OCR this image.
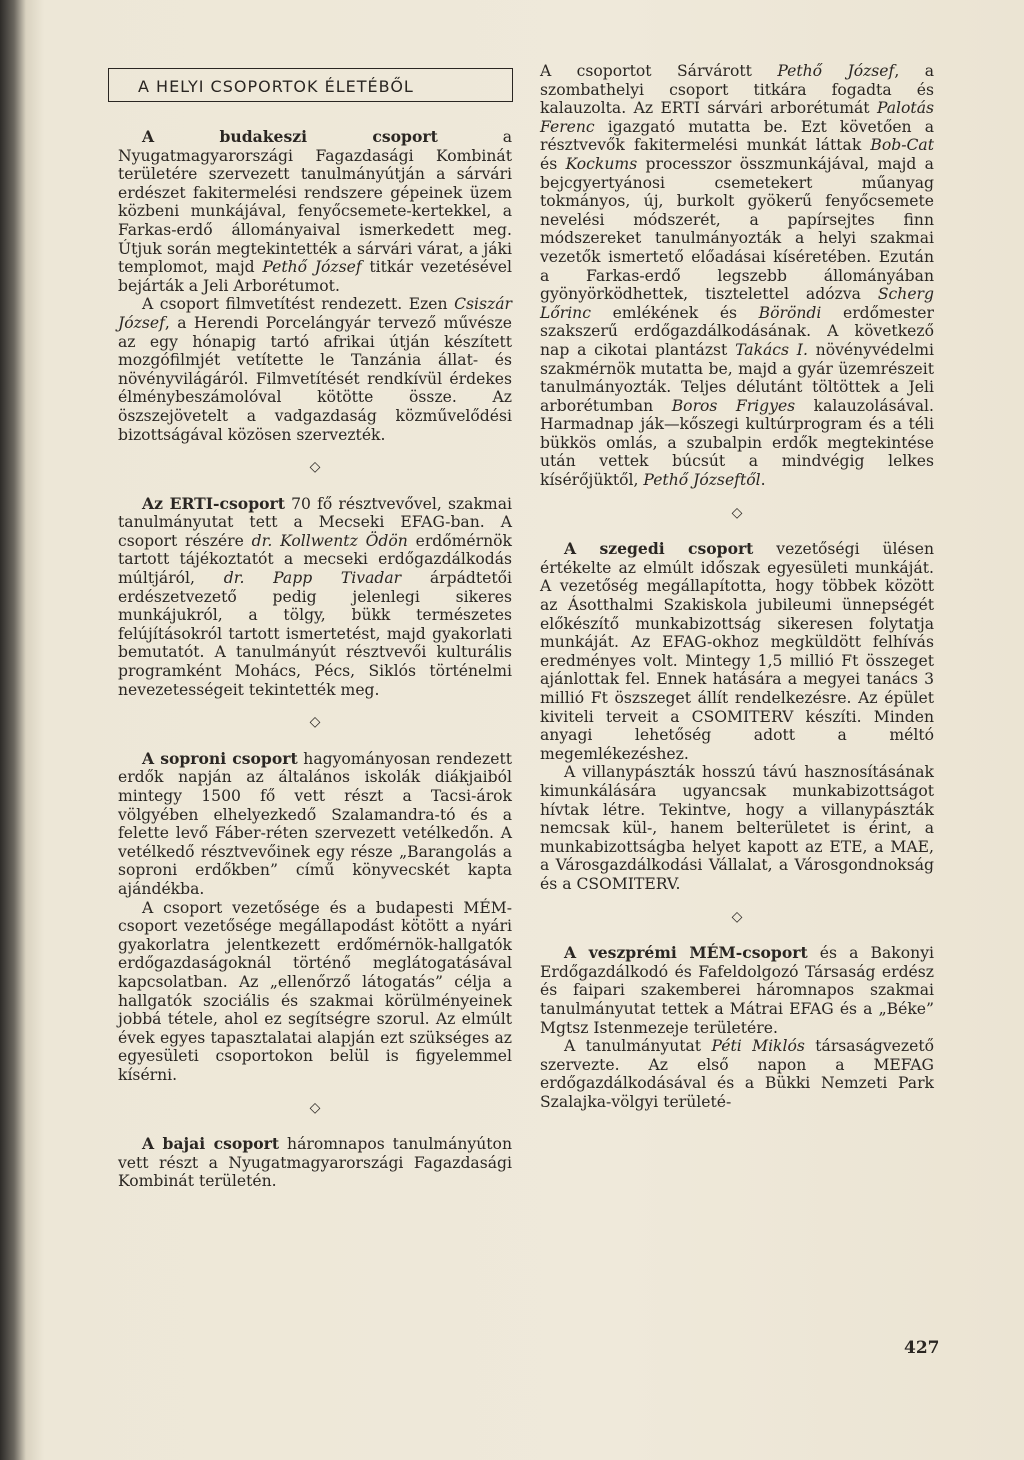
A HELYI CSOPORTOK ÉLETÉBŐL

A budakeszi csoport a Nyugatmagyarországi Fagazdasági Kombinát területére szervezett tanulmányútján a sárvári erdészet fakitermelési rendszere gépeinek üzem közbeni munkájával, fenyőcsemete-kertekkel, a Farkas-erdő állományaival ismerkedett meg. Útjuk során megtekintették a sárvári várat, a jáki templomot, majd Pethő József titkár vezetésével bejárták a Jeli Arborétumot.

A csoport filmvetítést rendezett. Ezen Csiszár József, a Herendi Porcelángyár tervező művésze az egy hónapig tartó afrikai útján készített mozgófilmjét vetítette le Tanzánia állat- és növényvilágáról. Filmvetítését rendkívül érdekes élménybeszámolóval kötötte össze. Az öszszejövetelt a vadgazdaság közművelődési bizottságával közösen szervezték.

◇

Az ERTI-csoport 70 fő résztvevővel, szakmai tanulmányutat tett a Mecseki EFAG-ban. A csoport részére dr. Kollwentz Ödön erdőmérnök tartott tájékoztatót a mecseki erdőgazdálkodás múltjáról, dr. Papp Tivadar árpádtetői erdészetvezető pedig jelenlegi sikeres munkájukról, a tölgy, bükk természetes felújításokról tartott ismertetést, majd gyakorlati bemutatót. A tanulmányút résztvevői kulturális programként Mohács, Pécs, Siklós történelmi nevezetességeit tekintették meg.

◇

A soproni csoport hagyományosan rendezett erdők napján az általános iskolák diákjaiból mintegy 1500 fő vett részt a Tacsi-árok völgyében elhelyezkedő Szalamandra-tó és a felette levő Fáber-réten szervezett vetélkedőn. A vetélkedő résztvevőinek egy része „Barangolás a soproni erdőkben” című könyvecskét kapta ajándékba.

A csoport vezetősége és a budapesti MÉM-csoport vezetősége megállapodást kötött a nyári gyakorlatra jelentkezett erdőmérnök-hallgatók erdőgazdaságoknál történő meglátogatásával kapcsolatban. Az „ellenőrző látogatás” célja a hallgatók szociális és szakmai körülményeinek jobbá tétele, ahol ez segítségre szorul. Az elmúlt évek egyes tapasztalatai alapján ezt szükséges az egyesületi csoportokon belül is figyelemmel kísérni.

◇

A bajai csoport háromnapos tanulmányúton vett részt a Nyugatmagyarországi Fagazdasági Kombinát területén.

A csoportot Sárvárott Pethő József, a szombathelyi csoport titkára fogadta és kalauzolta. Az ERTI sárvári arborétumát Palotás Ferenc igazgató mutatta be. Ezt követően a résztvevők fakitermelési munkát láttak Bob-Cat és Kockums processzor összmunkájával, majd a bejcgyertyánosi csemetekert műanyag tokmányos, új, burkolt gyökerű fenyőcsemete nevelési módszerét, a papírsejtes finn módszereket tanulmányozták a helyi szakmai vezetők ismertető előadásai kíséretében. Ezután a Farkas-erdő legszebb állományában gyönyörködhettek, tisztelettel adózva Scherg Lőrinc emlékének és Böröndi erdőmester szakszerű erdőgazdálkodásának. A következő nap a cikotai plantázst Takács I. növényvédelmi szakmérnök mutatta be, majd a gyár üzemrészeit tanulmányozták. Teljes délutánt töltöttek a Jeli arborétumban Boros Frigyes kalauzolásával. Harmadnap ják—kőszegi kultúrprogram és a téli bükkös omlás, a szubalpin erdők megtekintése után vettek búcsút a mindvégig lelkes kísérőjüktől, Pethő Józseftől.

◇

A szegedi csoport vezetőségi ülésen értékelte az elmúlt időszak egyesületi munkáját. A vezetőség megállapította, hogy többek között az Ásotthalmi Szakiskola jubileumi ünnepségét előkészítő munkabizottság sikeresen folytatja munkáját. Az EFAG-okhoz megküldött felhívás eredményes volt. Mintegy 1,5 millió Ft összeget ajánlottak fel. Ennek hatására a megyei tanács 3 millió Ft öszszeget állít rendelkezésre. Az épület kiviteli terveit a CSOMITERV készíti. Minden anyagi lehetőség adott a méltó megemlékezéshez.

A villanypászták hosszú távú hasznosításának kimunkálására ugyancsak munkabizottságot hívtak létre. Tekintve, hogy a villanypászták nemcsak kül-, hanem belterületet is érint, a munkabizottságba helyet kapott az ETE, a MAE, a Városgazdálkodási Vállalat, a Városgondnokság és a CSOMITERV.

◇

A veszprémi MÉM-csoport és a Bakonyi Erdőgazdálkodó és Fafeldolgozó Társaság erdész és faipari szakemberei háromnapos szakmai tanulmányutat tettek a Mátrai EFAG és a „Béke” Mgtsz Istenmezeje területére.

A tanulmányutat Péti Miklós társaságvezető szervezte. Az első napon a MEFAG erdőgazdálkodásával és a Bükki Nemzeti Park Szalajka-völgyi területé-

427
